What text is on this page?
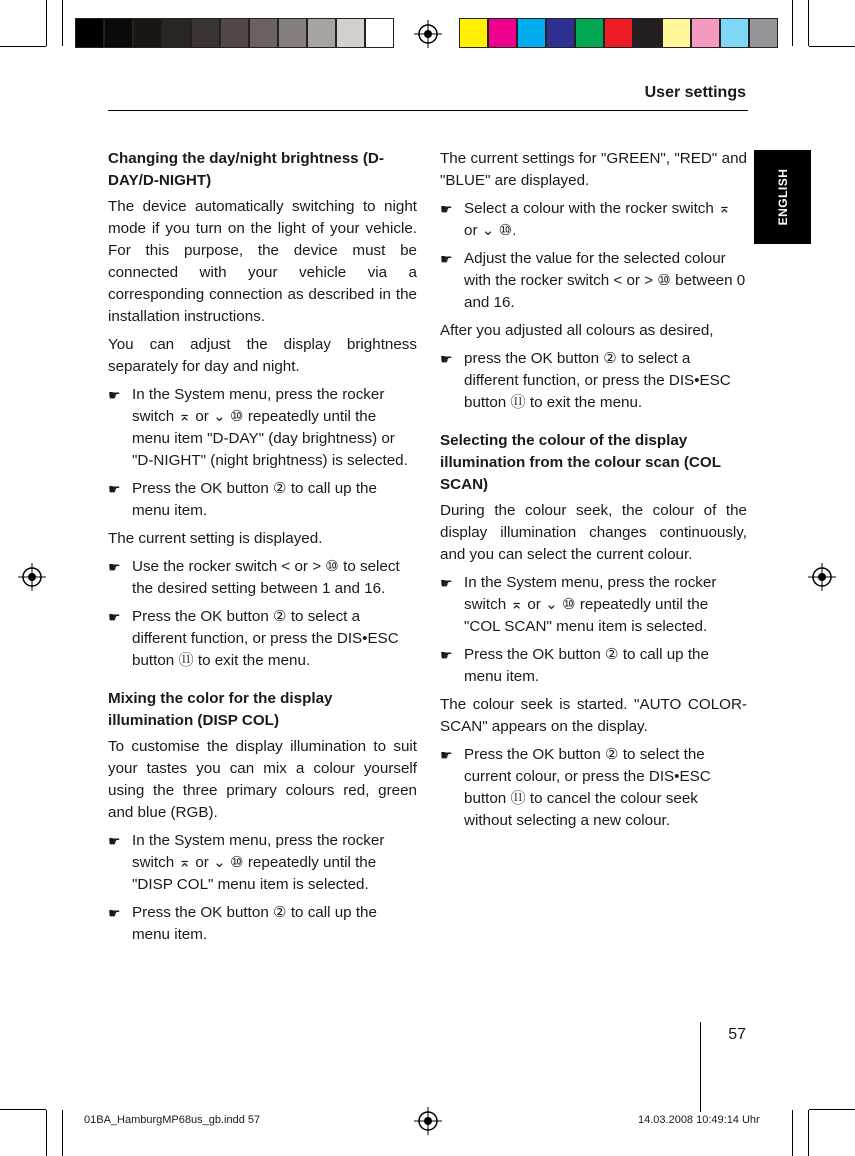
User settings
ENGLISH
Changing the day/night brightness (D-DAY/D-NIGHT)

The device automatically switching to night mode if you turn on the light of your vehicle. For this purpose, the device must be connected with your vehicle via a corresponding connection as described in the installation instructions.

You can adjust the display brightness separately for day and night.

☛ In the System menu, press the rocker switch ⌅ or ⌄ ⑩ repeatedly until the menu item "D-DAY" (day brightness) or "D-NIGHT" (night brightness) is selected.
☛ Press the OK button ② to call up the menu item.

The current setting is displayed.

☛ Use the rocker switch < or > ⑩ to select the desired setting between 1 and 16.
☛ Press the OK button ② to select a different function, or press the DIS•ESC button ⑪ to exit the menu.
Mixing the color for the display illumination (DISP COL)

To customise the display illumination to suit your tastes you can mix a colour yourself using the three primary colours red, green and blue (RGB).

☛ In the System menu, press the rocker switch ⌅ or ⌄ ⑩ repeatedly until the "DISP COL" menu item is selected.
☛ Press the OK button ② to call up the menu item.

The current settings for "GREEN", "RED" and "BLUE" are displayed.

☛ Select a colour with the rocker switch ⌅ or ⌄ ⑩.
☛ Adjust the value for the selected colour with the rocker switch < or > ⑩ between 0 and 16.

After you adjusted all colours as desired,

☛ press the OK button ② to select a different function, or press the DIS•ESC button ⑪ to exit the menu.
Selecting the colour of the display illumination from the colour scan (COL SCAN)

During the colour seek, the colour of the display illumination changes continuously, and you can select the current colour.

☛ In the System menu, press the rocker switch ⌅ or ⌄ ⑩ repeatedly until the "COL SCAN" menu item is selected.
☛ Press the OK button ② to call up the menu item.

The colour seek is started. "AUTO COLOR-SCAN" appears on the display.

☛ Press the OK button ② to select the current colour, or press the DIS•ESC button ⑪ to cancel the colour seek without selecting a new colour.
57
01BA_HamburgMP68us_gb.indd 57	14.03.2008 10:49:14 Uhr
